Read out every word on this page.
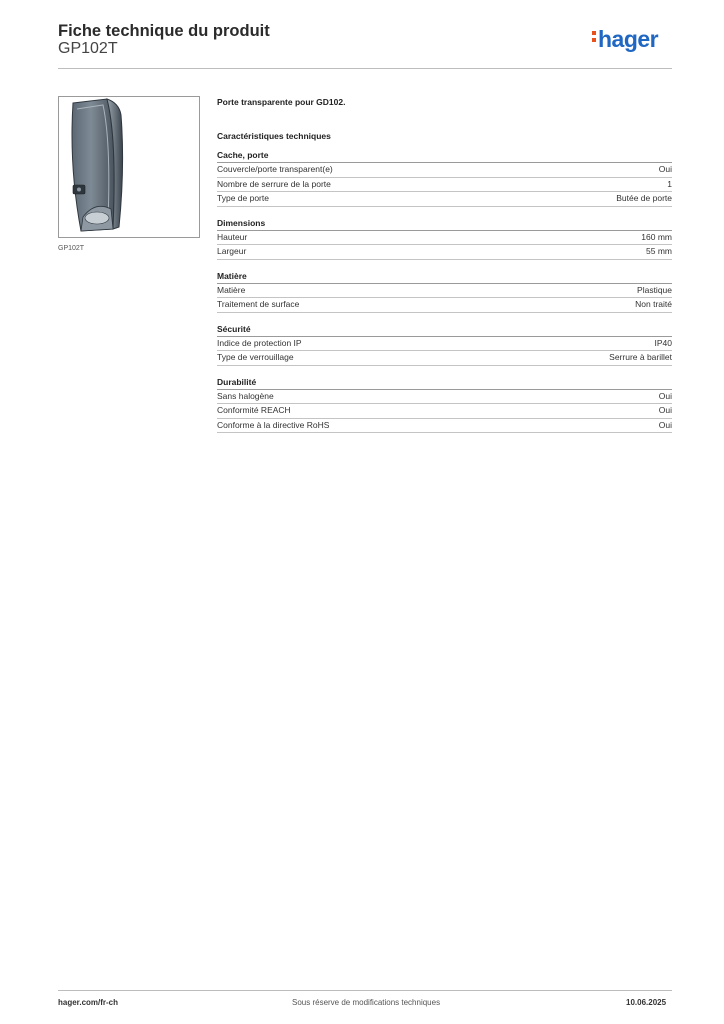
Fiche technique du produit
GP102T	hager
GP102T
Porte transparente pour GD102.
Caractéristiques techniques
Cache, porte
Couvercle/porte transparent(e)	Oui
Nombre de serrure de la porte	1
Type de porte	Butée de porte
Dimensions
Hauteur	160 mm
Largeur	55 mm
Matière
Matière	Plastique
Traitement de surface	Non traité
Sécurité
Indice de protection IP	IP40
Type de verrouillage	Serrure à barillet
Durabilité
Sans halogène	Oui
Conformité REACH	Oui
Conforme à la directive RoHS	Oui
hager.com/fr-ch	Sous réserve de modifications techniques	10.06.2025
